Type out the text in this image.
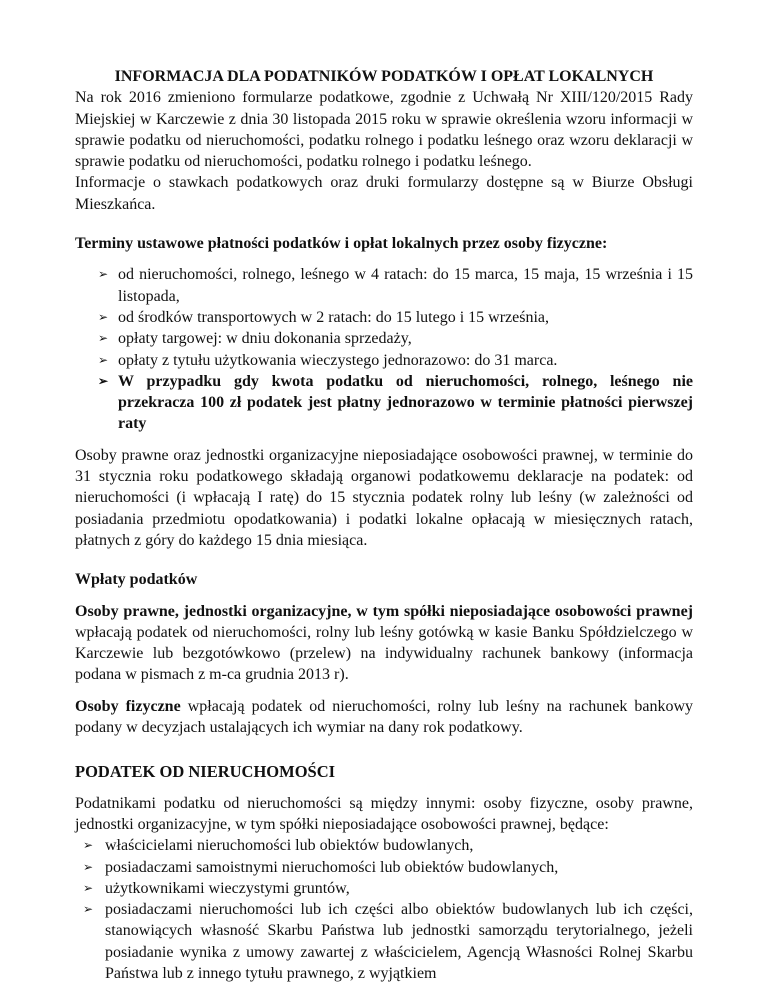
INFORMACJA DLA PODATNIKÓW PODATKÓW I OPŁAT LOKALNYCH

Na rok 2016 zmieniono formularze podatkowe, zgodnie z Uchwałą Nr XIII/120/2015 Rady Miejskiej w Karczewie z dnia 30 listopada 2015 roku w sprawie określenia wzoru informacji w sprawie podatku od nieruchomości, podatku rolnego i podatku leśnego oraz wzoru deklaracji w sprawie podatku od nieruchomości, podatku rolnego i podatku leśnego.

Informacje o stawkach podatkowych oraz druki formularzy dostępne są w Biurze Obsługi Mieszkańca.

Terminy ustawowe płatności podatków i opłat lokalnych przez osoby fizyczne:

➢ od nieruchomości, rolnego, leśnego w 4 ratach: do 15 marca, 15 maja, 15 września i 15 listopada,
➢ od środków transportowych w 2 ratach: do 15 lutego i 15 września,
➢ opłaty targowej: w dniu dokonania sprzedaży,
➢ opłaty z tytułu użytkowania wieczystego jednorazowo: do 31 marca.
➢ W przypadku gdy kwota podatku od nieruchomości, rolnego, leśnego nie przekracza 100 zł podatek jest płatny jednorazowo w terminie płatności pierwszej raty

Osoby prawne oraz jednostki organizacyjne nieposiadające osobowości prawnej, w terminie do 31 stycznia roku podatkowego składają organowi podatkowemu deklaracje na podatek: od nieruchomości (i wpłacają I ratę) do 15 stycznia podatek rolny lub leśny (w zależności od posiadania przedmiotu opodatkowania) i podatki lokalne opłacają w miesięcznych ratach, płatnych z góry do każdego 15 dnia miesiąca.

Wpłaty podatków

Osoby prawne, jednostki organizacyjne, w tym spółki nieposiadające osobowości prawnej wpłacają podatek od nieruchomości, rolny lub leśny gotówką w kasie Banku Spółdzielczego w Karczewie lub bezgotówkowo (przelew) na indywidualny rachunek bankowy (informacja podana w pismach z m-ca grudnia 2013 r).

Osoby fizyczne wpłacają podatek od nieruchomości, rolny lub leśny na rachunek bankowy podany w decyzjach ustalających ich wymiar na dany rok podatkowy.

PODATEK OD NIERUCHOMOŚCI

Podatnikami podatku od nieruchomości są między innymi: osoby fizyczne, osoby prawne, jednostki organizacyjne, w tym spółki nieposiadające osobowości prawnej, będące:

➢ właścicielami nieruchomości lub obiektów budowlanych,
➢ posiadaczami samoistnymi nieruchomości lub obiektów budowlanych,
➢ użytkownikami wieczystymi gruntów,
➢ posiadaczami nieruchomości lub ich części albo obiektów budowlanych lub ich części, stanowiących własność Skarbu Państwa lub jednostki samorządu terytorialnego, jeżeli posiadanie wynika z umowy zawartej z właścicielem, Agencją Własności Rolnej Skarbu Państwa lub z innego tytułu prawnego, z wyjątkiem
